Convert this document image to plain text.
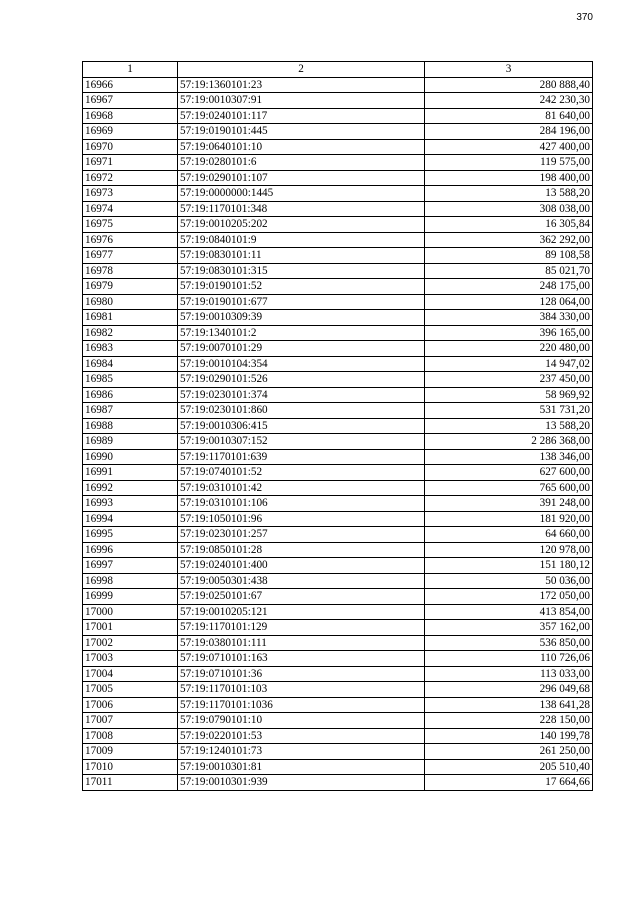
370
1	2	3
16966	57:19:1360101:23	280 888,40
16967	57:19:0010307:91	242 230,30
16968	57:19:0240101:117	81 640,00
16969	57:19:0190101:445	284 196,00
16970	57:19:0640101:10	427 400,00
16971	57:19:0280101:6	119 575,00
16972	57:19:0290101:107	198 400,00
16973	57:19:0000000:1445	13 588,20
16974	57:19:1170101:348	308 038,00
16975	57:19:0010205:202	16 305,84
16976	57:19:0840101:9	362 292,00
16977	57:19:0830101:11	89 108,58
16978	57:19:0830101:315	85 021,70
16979	57:19:0190101:52	248 175,00
16980	57:19:0190101:677	128 064,00
16981	57:19:0010309:39	384 330,00
16982	57:19:1340101:2	396 165,00
16983	57:19:0070101:29	220 480,00
16984	57:19:0010104:354	14 947,02
16985	57:19:0290101:526	237 450,00
16986	57:19:0230101:374	58 969,92
16987	57:19:0230101:860	531 731,20
16988	57:19:0010306:415	13 588,20
16989	57:19:0010307:152	2 286 368,00
16990	57:19:1170101:639	138 346,00
16991	57:19:0740101:52	627 600,00
16992	57:19:0310101:42	765 600,00
16993	57:19:0310101:106	391 248,00
16994	57:19:1050101:96	181 920,00
16995	57:19:0230101:257	64 660,00
16996	57:19:0850101:28	120 978,00
16997	57:19:0240101:400	151 180,12
16998	57:19:0050301:438	50 036,00
16999	57:19:0250101:67	172 050,00
17000	57:19:0010205:121	413 854,00
17001	57:19:1170101:129	357 162,00
17002	57:19:0380101:111	536 850,00
17003	57:19:0710101:163	110 726,06
17004	57:19:0710101:36	113 033,00
17005	57:19:1170101:103	296 049,68
17006	57:19:1170101:1036	138 641,28
17007	57:19:0790101:10	228 150,00
17008	57:19:0220101:53	140 199,78
17009	57:19:1240101:73	261 250,00
17010	57:19:0010301:81	205 510,40
17011	57:19:0010301:939	17 664,66
